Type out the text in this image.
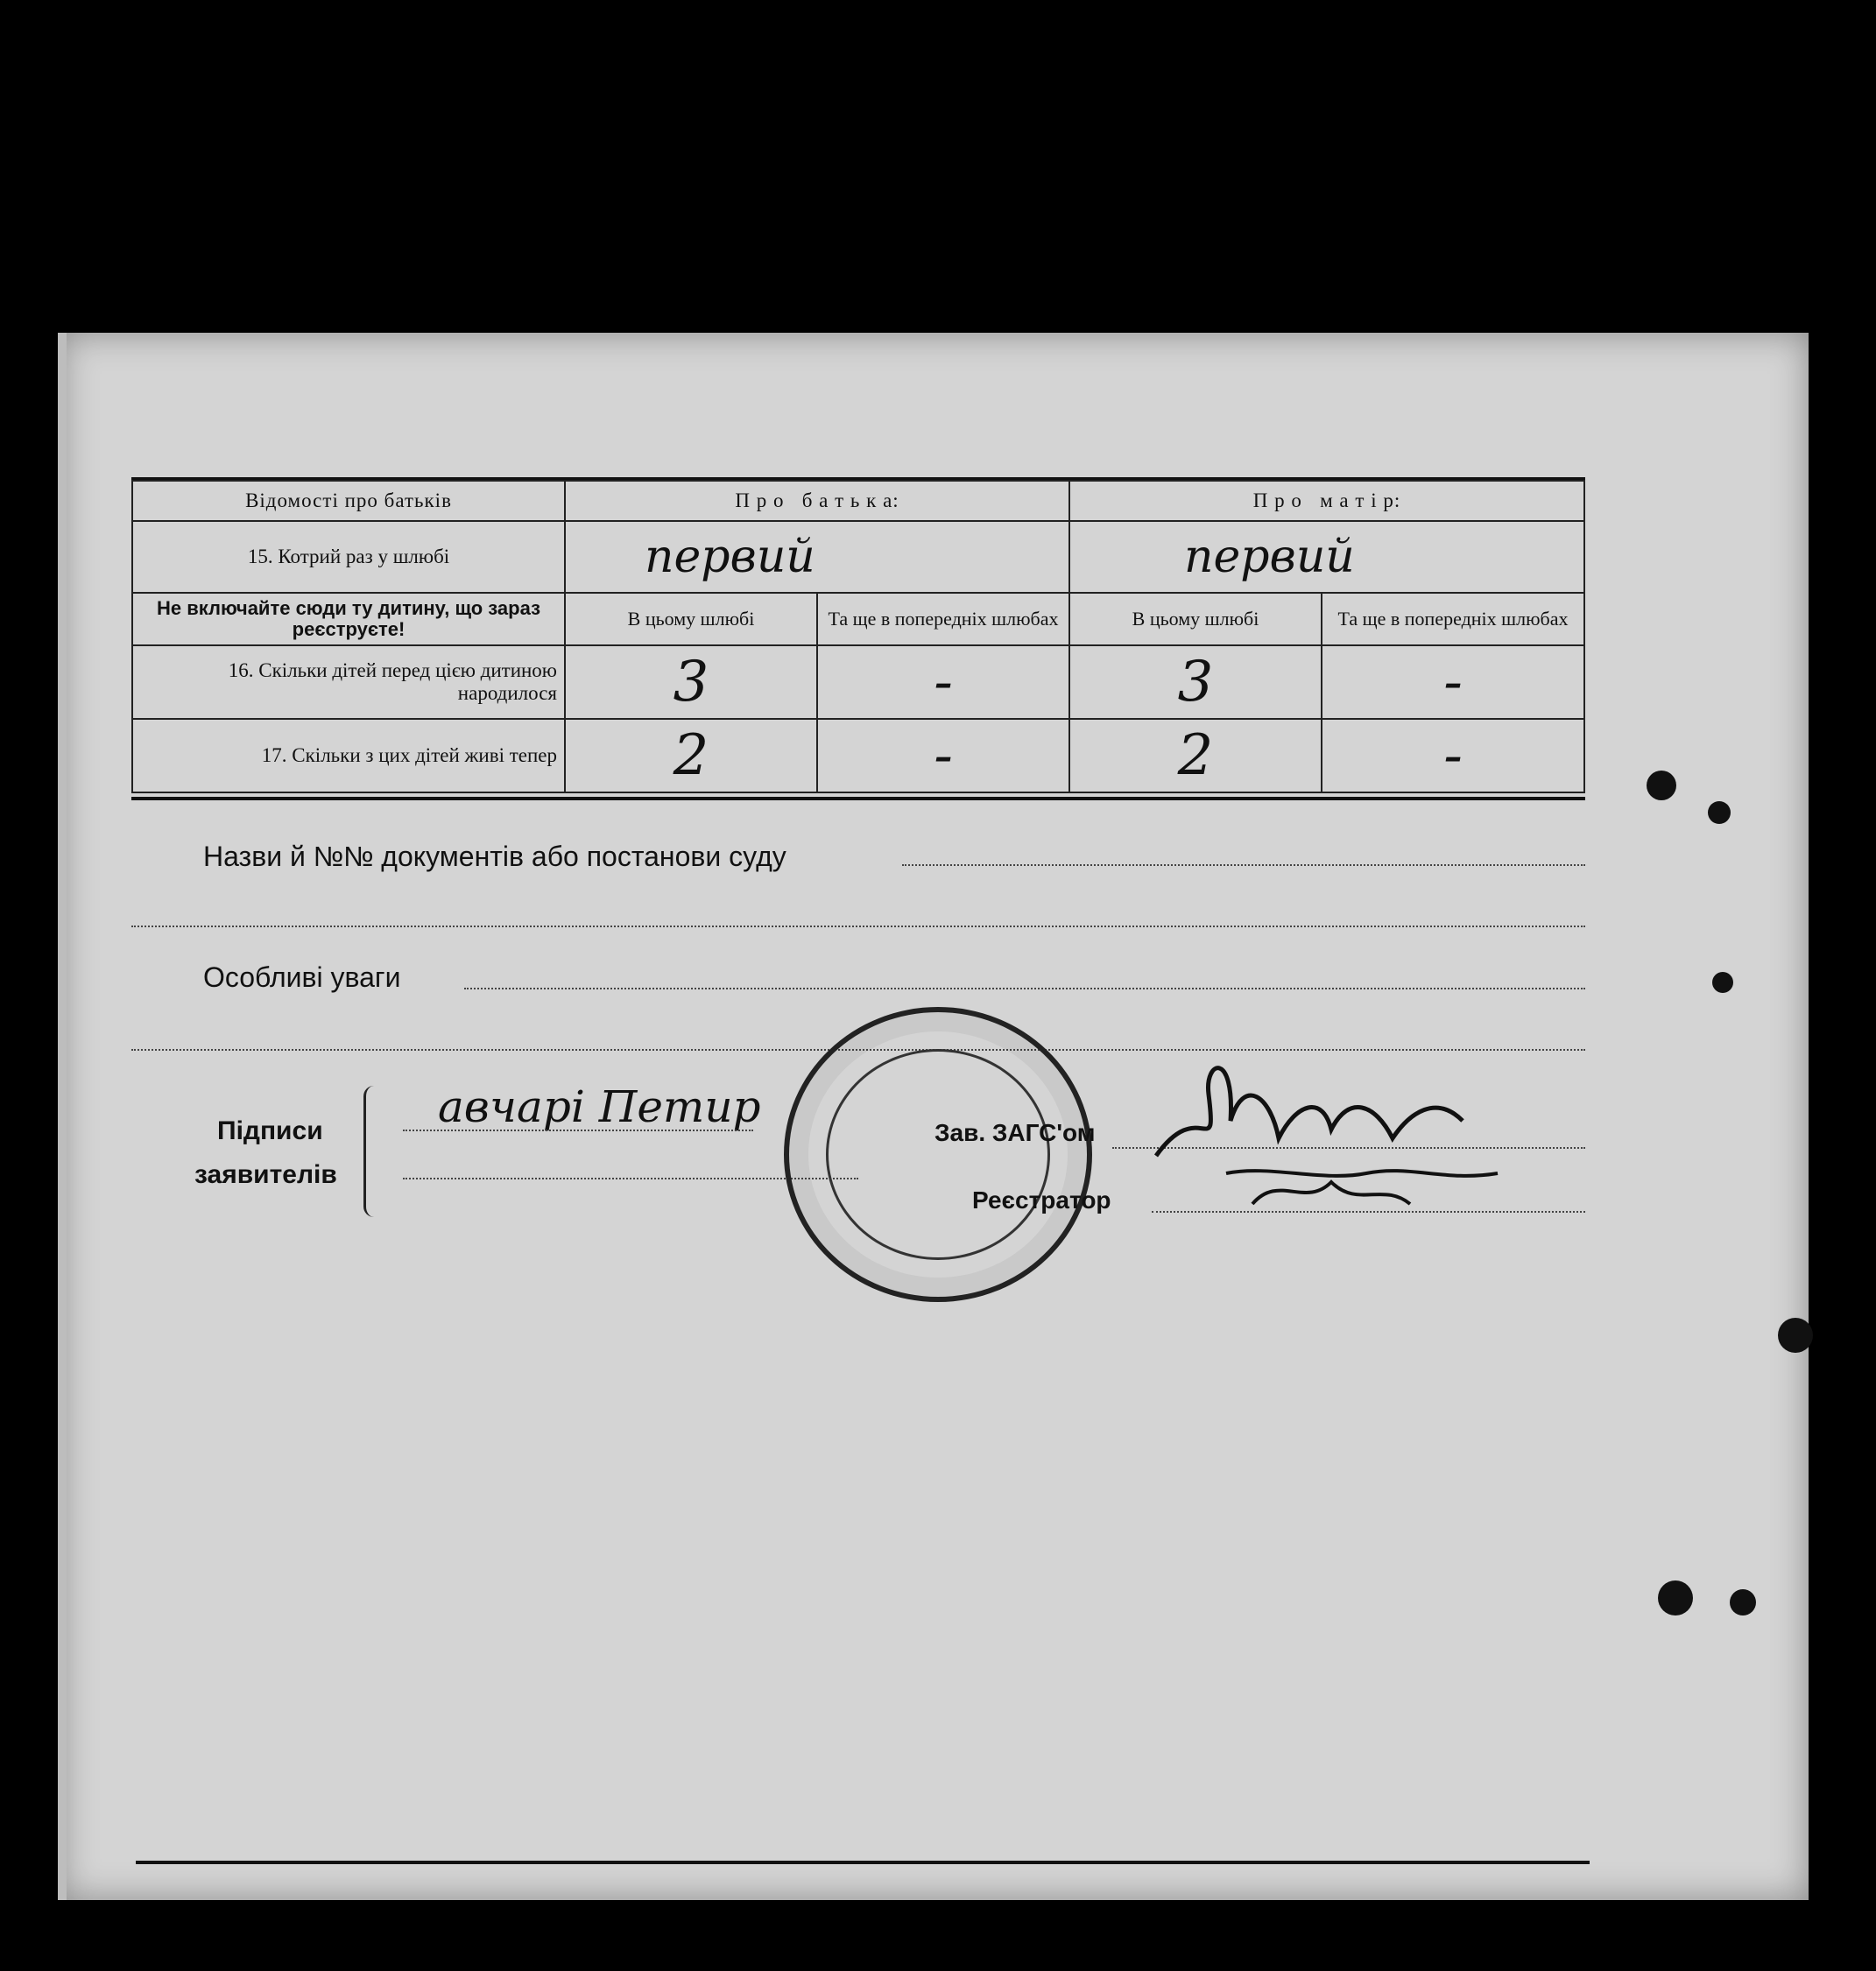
Відомості про батьків	П р о   б а т ь к а:		П р о   м а т і р:	
15. Котрий раз у шлюбі	первий		первий	
Не включайте сюди ту дитину, що зараз реєструєте!	В цьому шлюбі	Та ще в попередніх шлюбах	В цьому шлюбі	Та ще в попередніх шлюбах
16. Скільки дітей перед цією дитиною народилося	3	-	3	-
17. Скільки з цих дітей живі тепер	2	-	2	-
Назви й №№ документів або постанови суду
Особливі уваги
Підписи
заявителів
авчарі Петир
Зав. ЗАГС'ом
Реєстратор
